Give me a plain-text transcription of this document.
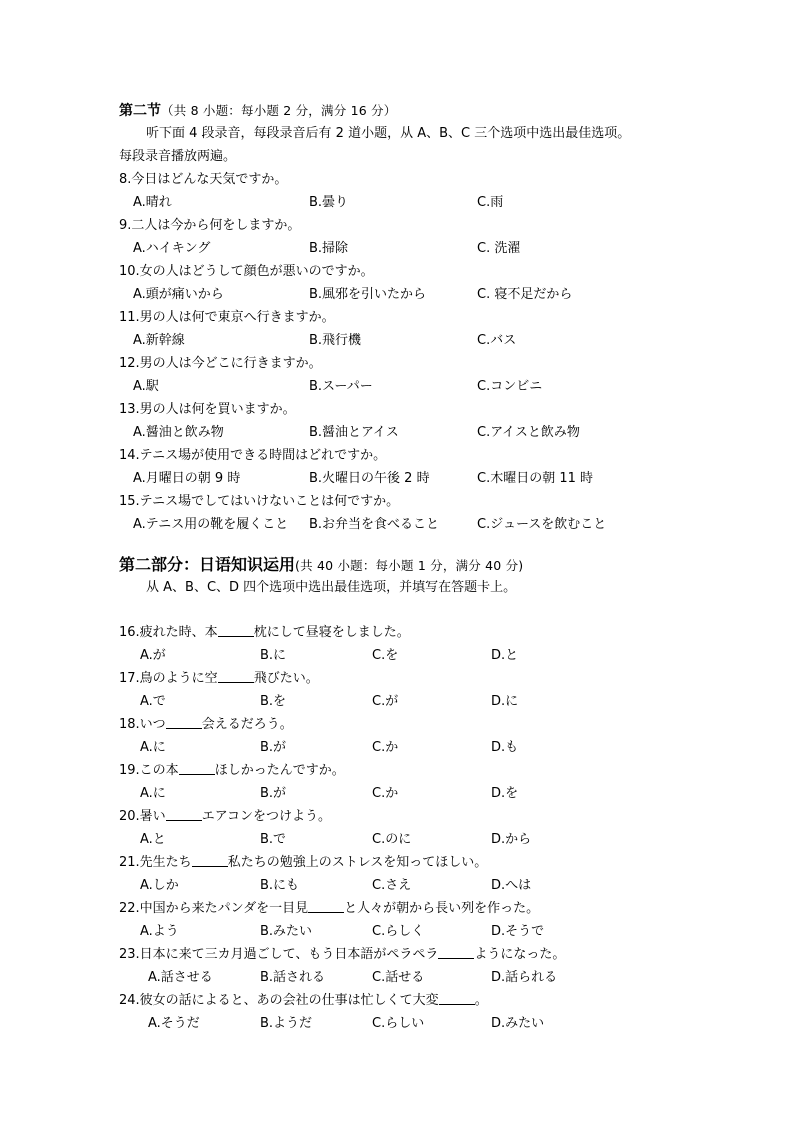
第二节（共 8 小题：每小题 2 分，满分 16 分）
听下面 4 段录音，每段录音后有 2 道小题，从 A、B、C 三个选项中选出最佳选项。
每段录音播放两遍。
8.今日はどんな天気ですか。
A.晴れ	B.曇り	C.雨
9.二人は今から何をしますか。
A.ハイキング	B.掃除	C. 洗濯
10.女の人はどうして顔色が悪いのですか。
A.頭が痛いから	B.風邪を引いたから	C. 寝不足だから
11.男の人は何で東京へ行きますか。
A.新幹線	B.飛行機	C.バス
12.男の人は今どこに行きますか。
A.駅	B.スーパー	C.コンビニ
13.男の人は何を買いますか。
A.醤油と飲み物	B.醤油とアイス	C.アイスと飲み物
14.テニス場が使用できる時間はどれですか。
A.月曜日の朝 9 時	B.火曜日の午後 2 時	C.木曜日の朝 11 時
15.テニス場でしてはいけないことは何ですか。
A.テニス用の靴を履くこと B.お弁当を食べること	C.ジュースを飲むこと
第二部分：日语知识运用(共 40 小题：每小题 1 分，满分 40 分)
从 A、B、C、D 四个选项中选出最佳选项，并填写在答题卡上。
16.疲れた時、本	枕にして昼寝をしました。
A.が	B.に	C.を	D.と
17.鳥のように空	飛びたい。
A.で	B.を	C.が	D.に
18.いつ	会えるだろう。
A.に	B.が	C.か	D.も
19.この本	ほしかったんですか。
A.に	B.が	C.か	D.を
20.暑い	エアコンをつけよう。
A.と	B.で	C.のに	D.から
21.先生たち	私たちの勉強上のストレスを知ってほしい。
A.しか	B.にも	C.さえ	D.へは
22.中国から来たパンダを一目見	と人々が朝から長い列を作った。
A.よう	B.みたい	C.らしく	D.そうで
23.日本に来て三カ月過ごして、もう日本語がペラペラ	ようになった。
A.話させる	B.話される	C.話せる	D.話られる
24.彼女の話によると、あの会社の仕事は忙しくて大変	。
A.そうだ	B.ようだ	C.らしい	D.みたい
